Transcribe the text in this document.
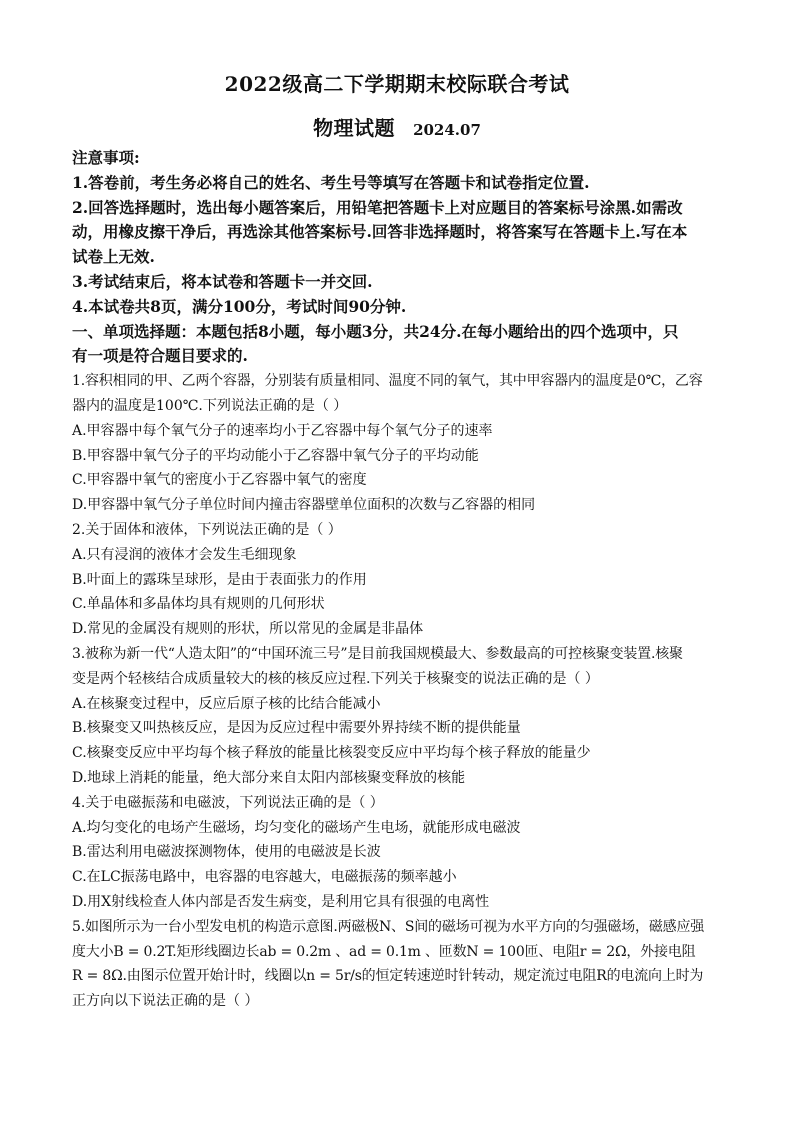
2022级高二下学期期末校际联合考试
物理试题 2024.07
注意事项:
1.答卷前，考生务必将自己的姓名、考生号等填写在答题卡和试卷指定位置.
2.回答选择题时，选出每小题答案后，用铅笔把答题卡上对应题目的答案标号涂黑.如需改
动，用橡皮擦干净后，再选涂其他答案标号.回答非选择题时，将答案写在答题卡上.写在本
试卷上无效.
3.考试结束后，将本试卷和答题卡一并交回.
4.本试卷共8页，满分100分，考试时间90分钟.
一、单项选择题：本题包括8小题，每小题3分，共24分.在每小题给出的四个选项中，只
有一项是符合题目要求的.
1.容积相同的甲、乙两个容器，分别装有质量相同、温度不同的氧气，其中甲容器内的温度是0℃，乙容
器内的温度是100℃.下列说法正确的是（ ）
A.甲容器中每个氧气分子的速率均小于乙容器中每个氧气分子的速率
B.甲容器中氧气分子的平均动能小于乙容器中氧气分子的平均动能
C.甲容器中氧气的密度小于乙容器中氧气的密度
D.甲容器中氧气分子单位时间内撞击容器壁单位面积的次数与乙容器的相同
2.关于固体和液体，下列说法正确的是（ ）
A.只有浸润的液体才会发生毛细现象
B.叶面上的露珠呈球形，是由于表面张力的作用
C.单晶体和多晶体均具有规则的几何形状
D.常见的金属没有规则的形状，所以常见的金属是非晶体
3.被称为新一代“人造太阳”的“中国环流三号”是目前我国规模最大、参数最高的可控核聚变装置.核聚
变是两个轻核结合成质量较大的核的核反应过程.下列关于核聚变的说法正确的是（ ）
A.在核聚变过程中，反应后原子核的比结合能减小
B.核聚变又叫热核反应，是因为反应过程中需要外界持续不断的提供能量
C.核聚变反应中平均每个核子释放的能量比核裂变反应中平均每个核子释放的能量少
D.地球上消耗的能量，绝大部分来自太阳内部核聚变释放的核能
4.关于电磁振荡和电磁波，下列说法正确的是（ ）
A.均匀变化的电场产生磁场，均匀变化的磁场产生电场，就能形成电磁波
B.雷达利用电磁波探测物体，使用的电磁波是长波
C.在LC振荡电路中，电容器的电容越大，电磁振荡的频率越小
D.用X射线检查人体内部是否发生病变，是利用它具有很强的电离性
5.如图所示为一台小型发电机的构造示意图.两磁极N、S间的磁场可视为水平方向的匀强磁场，磁感应强
度大小B = 0.2T.矩形线圈边长ab = 0.2m 、ad = 0.1m 、匝数N = 100匝、电阻r = 2Ω，外接电阻
R = 8Ω.由图示位置开始计时，线圈以n = 5r/s的恒定转速逆时针转动，规定流过电阻R的电流向上时为
正方向以下说法正确的是（ ）
